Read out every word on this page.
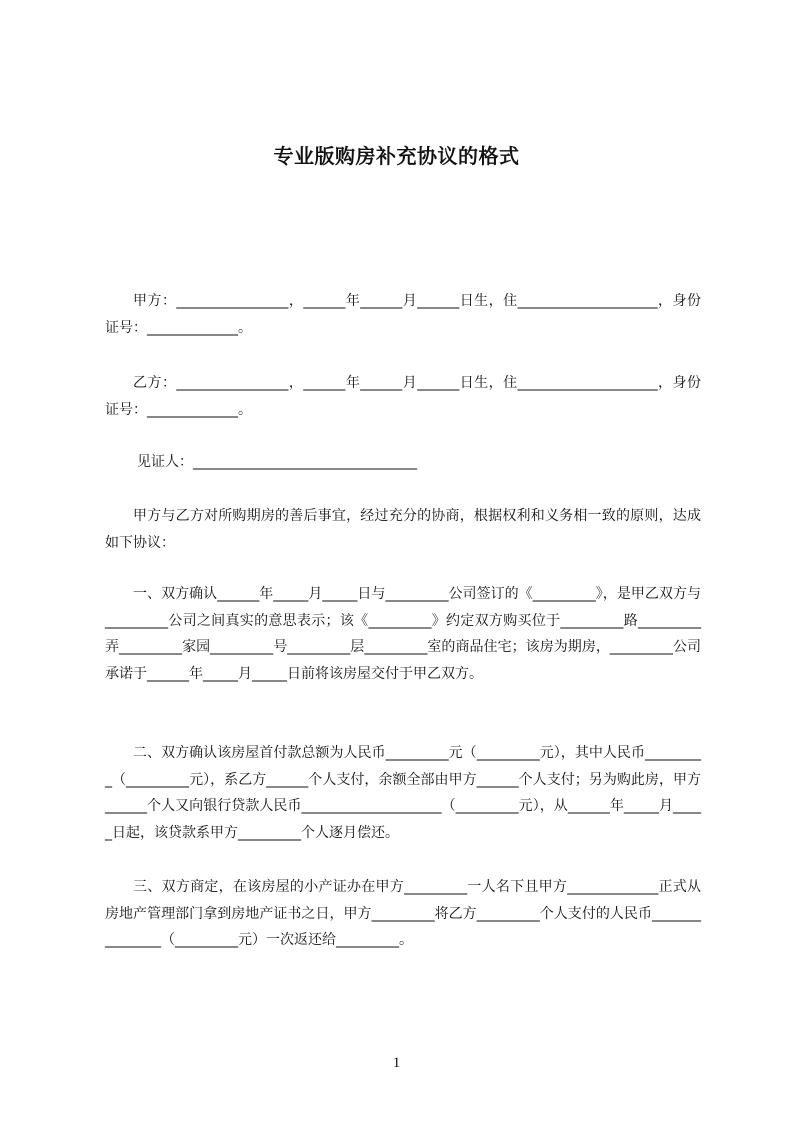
专业版购房补充协议的格式

甲方：________________，______年______月______日生，住____________________，身份证号：_____________。

乙方：________________，______年______月______日生，住____________________，身份证号：_____________。

见证人：________________________________

甲方与乙方对所购期房的善后事宜，经过充分的协商，根据权利和义务相一致的原则，达成如下协议：

一、双方确认______年_____月_____日与_________公司签订的《_________》，是甲乙双方与_________公司之间真实的意思表示；该《_________》约定双方购买位于_________路_________弄_________家园_________号_________层_________室的商品住宅；该房为期房，_________公司承诺于______年_____月_____日前将该房屋交付于甲乙双方。

二、双方确认该房屋首付款总额为人民币_________元（_________元），其中人民币_________（_________元），系乙方______个人支付，余额全部由甲方______个人支付；另为购此房，甲方______个人又向银行贷款人民币____________________（_________元），从______年_____月_____日起，该贷款系甲方_________个人逐月偿还。

三、双方商定，在该房屋的小产证办在甲方_________一人名下且甲方_____________正式从房地产管理部门拿到房地产证书之日，甲方_________将乙方_________个人支付的人民币_______________（_________元）一次返还给_________。

1
